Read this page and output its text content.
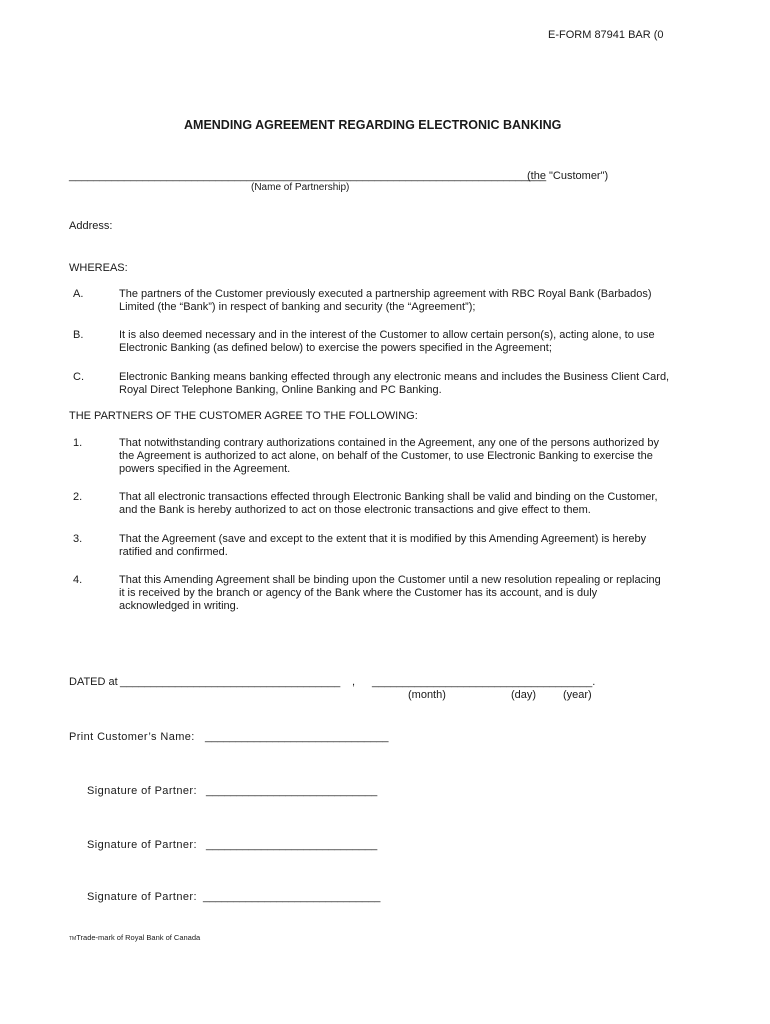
E-FORM 87941 BAR (0
AMENDING AGREEMENT REGARDING ELECTRONIC BANKING
______________________________________________________________________________
(the "Customer")
(Name of Partnership)
Address:
WHEREAS:
A.	The partners of the Customer previously executed a partnership agreement with RBC Royal Bank (Barbados)
Limited (the “Bank”) in respect of banking and security (the “Agreement”);
B.	It is also deemed necessary and in the interest of the Customer to allow certain person(s), acting alone, to use
Electronic Banking (as defined below) to exercise the powers specified in the Agreement;
C.	Electronic Banking means banking effected through any electronic means and includes the Business Client Card,
Royal Direct Telephone Banking, Online Banking and PC Banking.
THE PARTNERS OF THE CUSTOMER AGREE TO THE FOLLOWING:
1.	That notwithstanding contrary authorizations contained in the Agreement, any one of the persons authorized by
the Agreement is authorized to act alone, on behalf of the Customer, to use Electronic Banking to exercise the
powers specified in the Agreement.
2.	That all electronic transactions effected through Electronic Banking shall be valid and binding on the Customer,
and the Bank is hereby authorized to act on those electronic transactions and give effect to them.
3.	That the Agreement (save and except to the extent that it is modified by this Amending Agreement) is hereby
ratified and confirmed.
4.	That this Amending Agreement shall be binding upon the Customer until a new resolution repealing or replacing
it is received by the branch or agency of the Bank where the Customer has its account, and is duly
acknowledged in writing.
DATED at ____________________________________ , ____________________________________.
(month)	(day) (year)
Print Customer’s Name: ______________________________
Signature of Partner: ____________________________
Signature of Partner: ____________________________
Signature of Partner: _____________________________
TMTrade-mark of Royal Bank of Canada
